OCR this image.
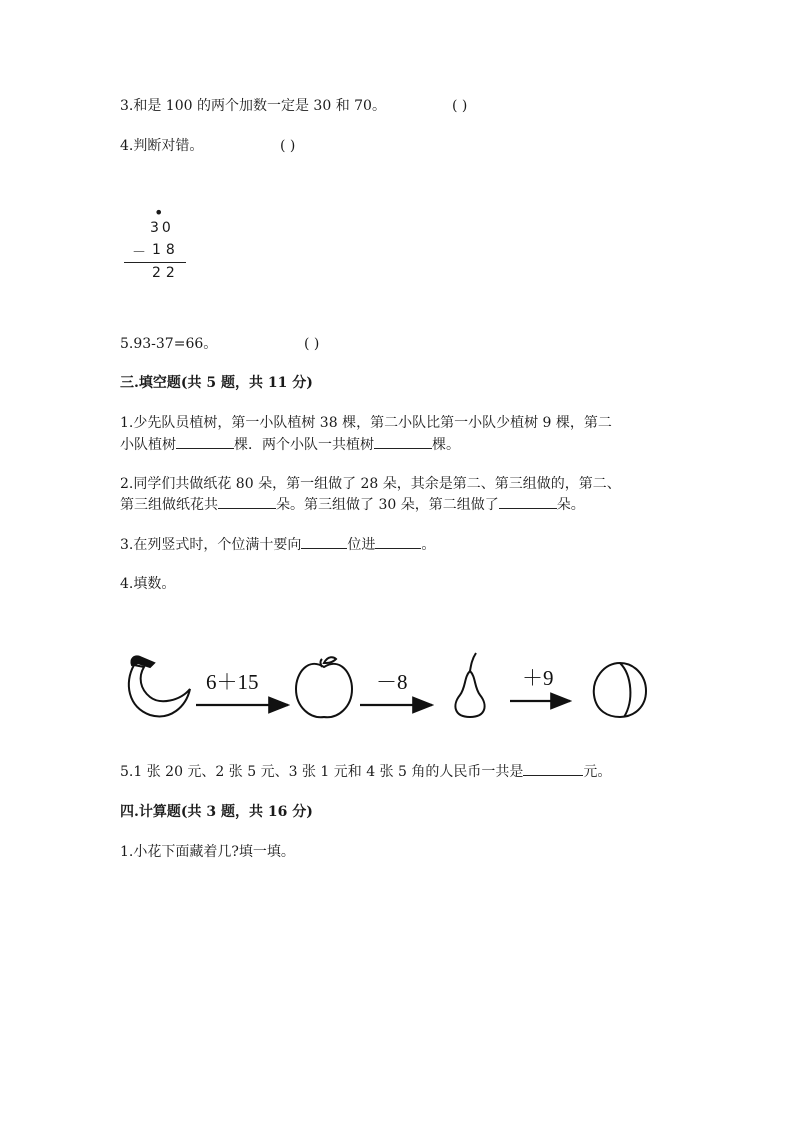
3.和是 100 的两个加数一定是 30 和 70。	( )
4.判断对错。	( )
•
30
－ 18
22
5.93-37=66。	( )
三.填空题(共 5 题，共 11 分)
1.少先队员植树，第一小队植树 38 棵，第二小队比第一小队少植树 9 棵，第二
小队植树	棵．两个小队一共植树	棵。
2.同学们共做纸花 80 朵，第一组做了 28 朵，其余是第二、第三组做的，第二、
第三组做纸花共	朵。第三组做了 30 朵，第二组做了	朵。
3.在列竖式时，个位满十要向	位进	。
4.填数。
6＋15	－8	＋9
5.1 张 20 元、2 张 5 元、3 张 1 元和 4 张 5 角的人民币一共是	元。
四.计算题(共 3 题，共 16 分)
1.小花下面藏着几?填一填。
